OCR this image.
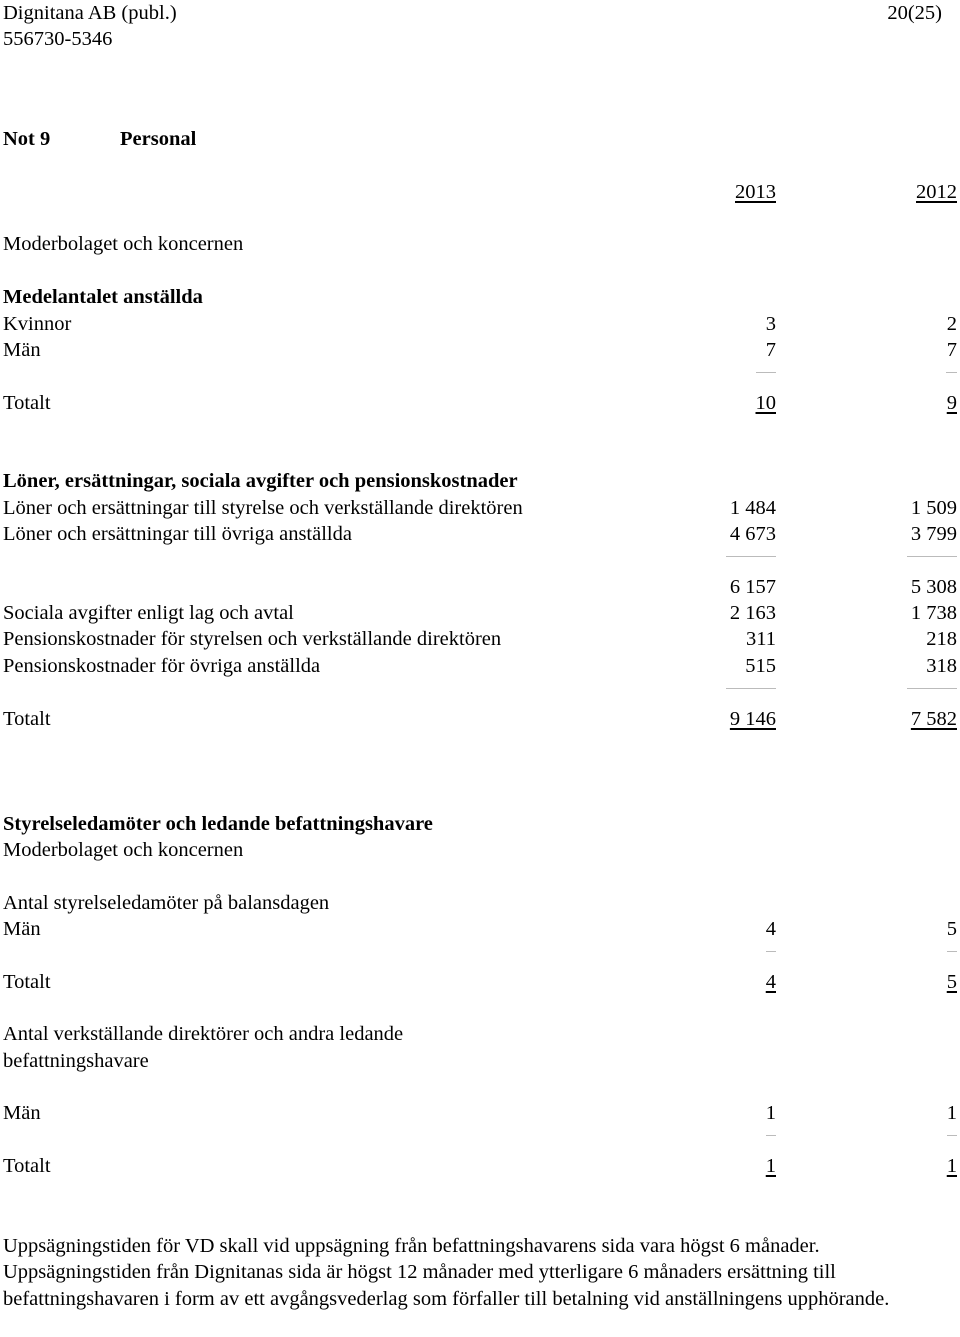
Dignitana AB (publ.)
556730-5346
20(25)
Not 9	Personal
2013	2012
Moderbolaget och koncernen
Medelantalet anställda
Kvinnor	3	2
Män	7	7
Totalt	10	9
Löner, ersättningar, sociala avgifter och pensionskostnader
Löner och ersättningar till styrelse och verkställande direktören	1 484	1 509
Löner och ersättningar till övriga anställda	4 673	3 799
6 157	5 308
Sociala avgifter enligt lag och avtal	2 163	1 738
Pensionskostnader för styrelsen och verkställande direktören	311	218
Pensionskostnader för övriga anställda	515	318
Totalt	9 146	7 582
Styrelseledamöter och ledande befattningshavare
Moderbolaget och koncernen
Antal styrelseledamöter på balansdagen
Män	4	5
Totalt	4	5
Antal verkställande direktörer och andra ledande
befattningshavare
Män	1	1
Totalt	1	1
Uppsägningstiden för VD skall vid uppsägning från befattningshavarens sida vara högst 6 månader. Uppsägningstiden från Dignitanas sida är högst 12 månader med ytterligare 6 månaders ersättning till befattningshavaren i form av ett avgångsvederlag som förfaller till betalning vid anställningens upphörande.
